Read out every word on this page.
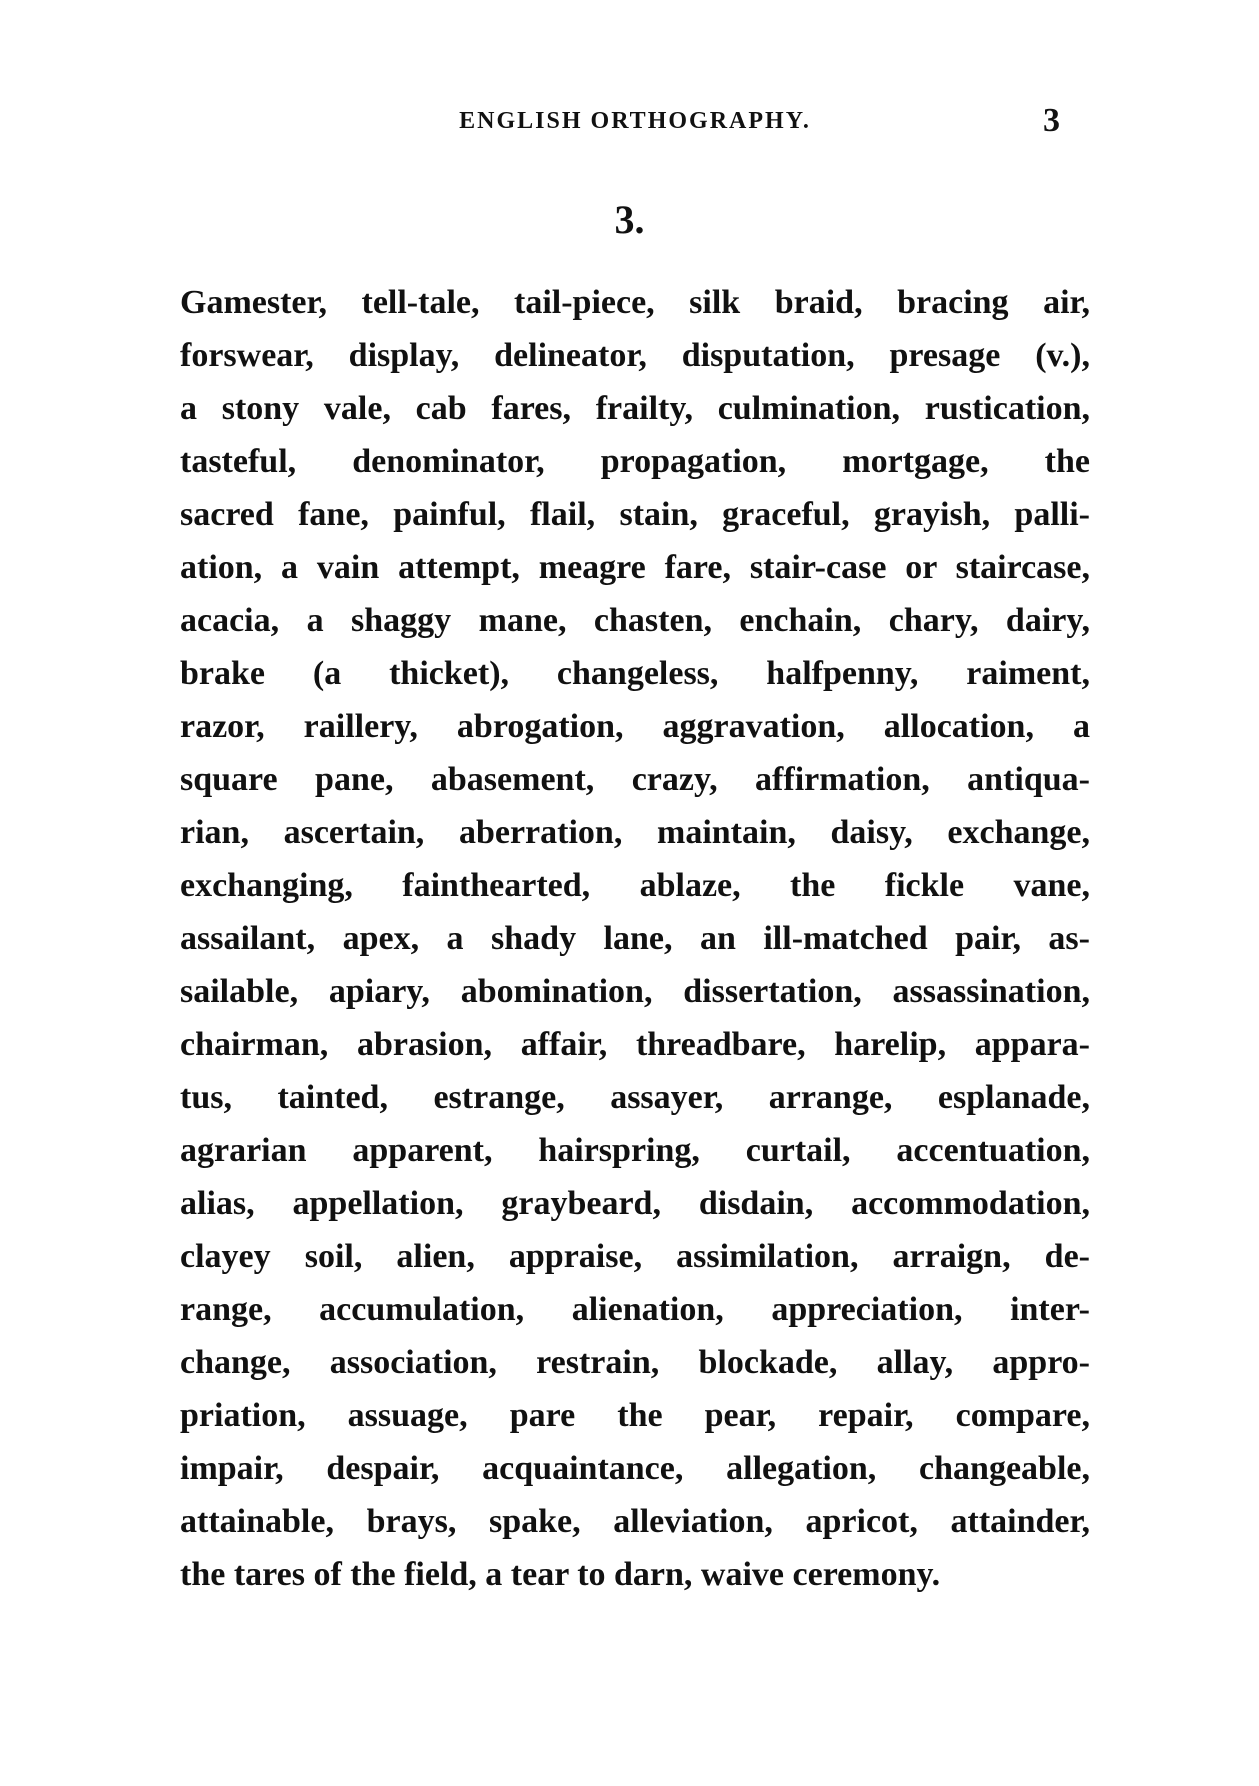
ENGLISH ORTHOGRAPHY.	3
3.
Gamester, tell-tale, tail-piece, silk braid, bracing air,
forswear, display, delineator, disputation, presage (v.),
a stony vale, cab fares, frailty, culmination, rustication,
tasteful, denominator, propagation, mortgage, the
sacred fane, painful, flail, stain, graceful, grayish, palli-
ation, a vain attempt, meagre fare, stair-case or staircase,
acacia, a shaggy mane, chasten, enchain, chary, dairy,
brake (a thicket), changeless, halfpenny, raiment,
razor, raillery, abrogation, aggravation, allocation, a
square pane, abasement, crazy, affirmation, antiqua-
rian, ascertain, aberration, maintain, daisy, exchange,
exchanging, fainthearted, ablaze, the fickle vane,
assailant, apex, a shady lane, an ill-matched pair, as-
sailable, apiary, abomination, dissertation, assassination,
chairman, abrasion, affair, threadbare, harelip, appara-
tus, tainted, estrange, assayer, arrange, esplanade,
agrarian apparent, hairspring, curtail, accentuation,
alias, appellation, graybeard, disdain, accommodation,
clayey soil, alien, appraise, assimilation, arraign, de-
range, accumulation, alienation, appreciation, inter-
change, association, restrain, blockade, allay, appro-
priation, assuage, pare the pear, repair, compare,
impair, despair, acquaintance, allegation, changeable,
attainable, brays, spake, alleviation, apricot, attainder,
the tares of the field, a tear to darn, waive ceremony.
